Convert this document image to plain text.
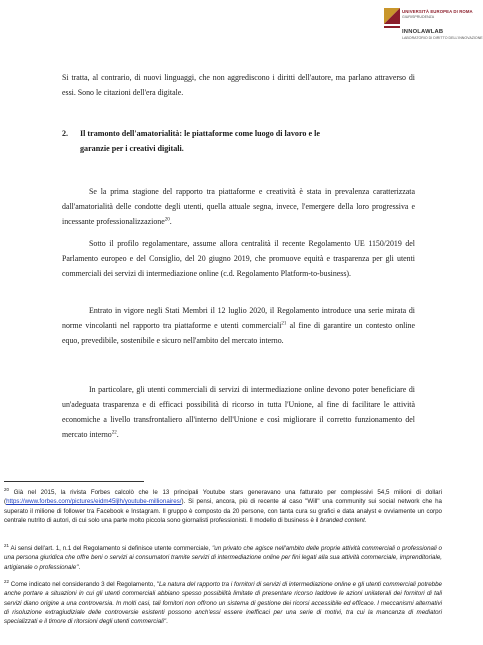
UNIVERSITÀ EUROPEA DI ROMA
GIURISPRUDENZA
INNOLAWLAB
LABORATORIO DI DIRITTO DELL'INNOVAZIONE

Si tratta, al contrario, di nuovi linguaggi, che non aggrediscono i diritti dell'autore, ma parlano attraverso di essi. Sono le citazioni dell'era digitale.

2. Il tramonto dell'amatorialità: le piattaforme come luogo di lavoro e le
garanzie per i creativi digitali.

Se la prima stagione del rapporto tra piattaforme e creatività è stata in prevalenza caratterizzata dall'amatorialità delle condotte degli utenti, quella attuale segna, invece, l'emergere della loro progressiva e incessante professionalizzazione$^{20}$.

Sotto il profilo regolamentare, assume allora centralità il recente Regolamento UE 1150/2019 del Parlamento europeo e del Consiglio, del 20 giugno 2019, che promuove equità e trasparenza per gli utenti commerciali dei servizi di intermediazione online (c.d. Regolamento Platform-to-business).

Entrato in vigore negli Stati Membri il 12 luglio 2020, il Regolamento introduce una serie mirata di norme vincolanti nel rapporto tra piattaforme e utenti commerciali$^{21}$ al fine di garantire un contesto online equo, prevedibile, sostenibile e sicuro nell'ambito del mercato interno.

In particolare, gli utenti commerciali di servizi di intermediazione online devono poter beneficiare di un'adeguata trasparenza e di efficaci possibilità di ricorso in tutta l'Unione, al fine di facilitare le attività economiche a livello transfrontaliero all'interno dell'Unione e così migliorare il corretto funzionamento del mercato interno$^{22}$.

$^{20}$ Già nel 2015, la rivista Forbes calcolò che le 13 principali Youtube stars generavano una fatturato per complessivi 54,5 milioni di dollari (https://www.forbes.com/pictures/eidm45ljlh/youtube-millionaires/). Si pensi, ancora, più di recente al caso "Will" una community sui social network che ha superato il milione di follower tra Facebook e Instagram. Il gruppo è composto da 20 persone, con tanta cura su grafici e data analyst e ovviamente un corpo centrale nutrito di autori, di cui solo una parte molto piccola sono giornalisti professionisti. Il modello di business è il branded content.

$^{21}$ Ai sensi dell'art. 1, n.1 del Regolamento si definisce utente commerciale, "un privato che agisce nell'ambito delle proprie attività commerciali o professionali o una persona giuridica che offre beni o servizi ai consumatori tramite servizi di intermediazione online per fini legati alla sua attività commerciale, imprenditoriale, artigianale o professionale".

$^{22}$ Come indicato nel considerando 3 del Regolamento, "La natura del rapporto tra i fornitori di servizi di intermediazione online e gli utenti commerciali potrebbe anche portare a situazioni in cui gli utenti commerciali abbiano spesso possibilità limitate di presentare ricorso laddove le azioni unilaterali dei fornitori di tali servizi diano origine a una controversia. In molti casi, tali fornitori non offrono un sistema di gestione dei ricorsi accessibile ed efficace. I meccanismi alternativi di risoluzione extragiudiziale delle controversie esistenti possono anch'essi essere inefficaci per una serie di motivi, tra cui la mancanza di mediatori specializzati e il timore di ritorsioni degli utenti commerciali".
